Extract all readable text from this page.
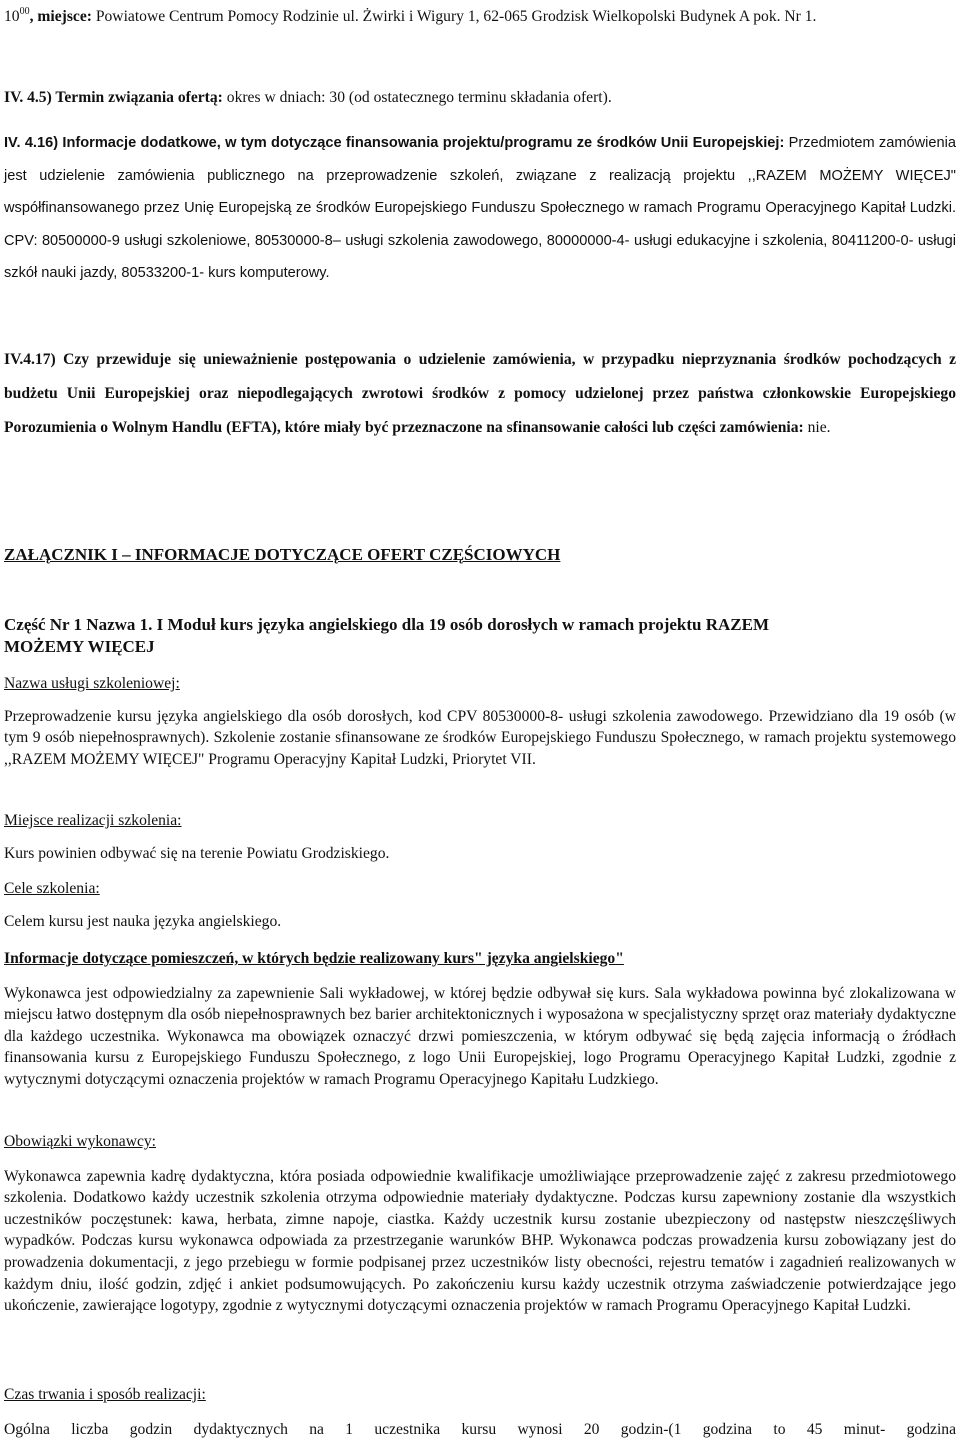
$10^{00}$, miejsce: Powiatowe Centrum Pomocy Rodzinie ul. Żwirki i Wigury 1, 62-065 Grodzisk Wielkopolski Budynek A pok. Nr 1.
IV. 4.5) Termin związania ofertą: okres w dniach: 30 (od ostatecznego terminu składania ofert).
IV. 4.16) Informacje dodatkowe, w tym dotyczące finansowania projektu/programu ze środków Unii Europejskiej: Przedmiotem zamówienia jest udzielenie zamówienia publicznego na przeprowadzenie szkoleń, związane z realizacją projektu ,,RAZEM MOŻEMY WIĘCEJ" współfinansowanego przez Unię Europejską ze środków Europejskiego Funduszu Społecznego w ramach Programu Operacyjnego Kapitał Ludzki. CPV: 80500000-9 usługi szkoleniowe, 80530000-8– usługi szkolenia zawodowego, 80000000-4- usługi edukacyjne i szkolenia, 80411200-0- usługi szkół nauki jazdy, 80533200-1- kurs komputerowy.
IV.4.17) Czy przewiduje się unieważnienie postępowania o udzielenie zamówienia, w przypadku nieprzyznania środków pochodzących z budżetu Unii Europejskiej oraz niepodlegających zwrotowi środków z pomocy udzielonej przez państwa członkowskie Europejskiego Porozumienia o Wolnym Handlu (EFTA), które miały być przeznaczone na sfinansowanie całości lub części zamówienia: nie.
ZAŁĄCZNIK I – INFORMACJE DOTYCZĄCE OFERT CZĘŚCIOWYCH
Część Nr 1 Nazwa 1. I Moduł kurs języka angielskiego dla 19 osób dorosłych w ramach projektu RAZEM
MOŻEMY WIĘCEJ
Nazwa usługi szkoleniowej:
Przeprowadzenie kursu języka angielskiego dla osób dorosłych, kod CPV 80530000-8- usługi szkolenia zawodowego. Przewidziano dla 19 osób (w tym 9 osób niepełnosprawnych). Szkolenie zostanie sfinansowane ze środków Europejskiego Funduszu Społecznego, w ramach projektu systemowego ,,RAZEM MOŻEMY WIĘCEJ" Programu Operacyjny Kapitał Ludzki, Priorytet VII.
Miejsce realizacji szkolenia:
Kurs powinien odbywać się na terenie Powiatu Grodziskiego.
Cele szkolenia:
Celem kursu jest nauka języka angielskiego.
Informacje dotyczące pomieszczeń, w których będzie realizowany kurs" języka angielskiego"
Wykonawca jest odpowiedzialny za zapewnienie Sali wykładowej, w której będzie odbywał się kurs. Sala wykładowa powinna być zlokalizowana w miejscu łatwo dostępnym dla osób niepełnosprawnych bez barier architektonicznych i wyposażona w specjalistyczny sprzęt oraz materiały dydaktyczne dla każdego uczestnika. Wykonawca ma obowiązek oznaczyć drzwi pomieszczenia, w którym odbywać się będą zajęcia informacją o źródłach finansowania kursu z Europejskiego Funduszu Społecznego, z logo Unii Europejskiej, logo Programu Operacyjnego Kapitał Ludzki, zgodnie z wytycznymi dotyczącymi oznaczenia projektów w ramach Programu Operacyjnego Kapitału Ludzkiego.
Obowiązki wykonawcy:
Wykonawca zapewnia kadrę dydaktyczna, która posiada odpowiednie kwalifikacje umożliwiające przeprowadzenie zajęć z zakresu przedmiotowego szkolenia. Dodatkowo każdy uczestnik szkolenia otrzyma odpowiednie materiały dydaktyczne. Podczas kursu zapewniony zostanie dla wszystkich uczestników poczęstunek: kawa, herbata, zimne napoje, ciastka. Każdy uczestnik kursu zostanie ubezpieczony od następstw nieszczęśliwych wypadków. Podczas kursu wykonawca odpowiada za przestrzeganie warunków BHP. Wykonawca podczas prowadzenia kursu zobowiązany jest do prowadzenia dokumentacji, z jego przebiegu w formie podpisanej przez uczestników listy obecności, rejestru tematów i zagadnień realizowanych w każdym dniu, ilość godzin, zdjęć i ankiet podsumowujących. Po zakończeniu kursu każdy uczestnik otrzyma zaświadczenie potwierdzające jego ukończenie, zawierające logotypy, zgodnie z wytycznymi dotyczącymi oznaczenia projektów w ramach Programu Operacyjnego Kapitał Ludzki.
Czas trwania i sposób realizacji:
Ogólna liczba godzin dydaktycznych na 1 uczestnika kursu wynosi 20 godzin-(1 godzina to 45 minut- godzina
